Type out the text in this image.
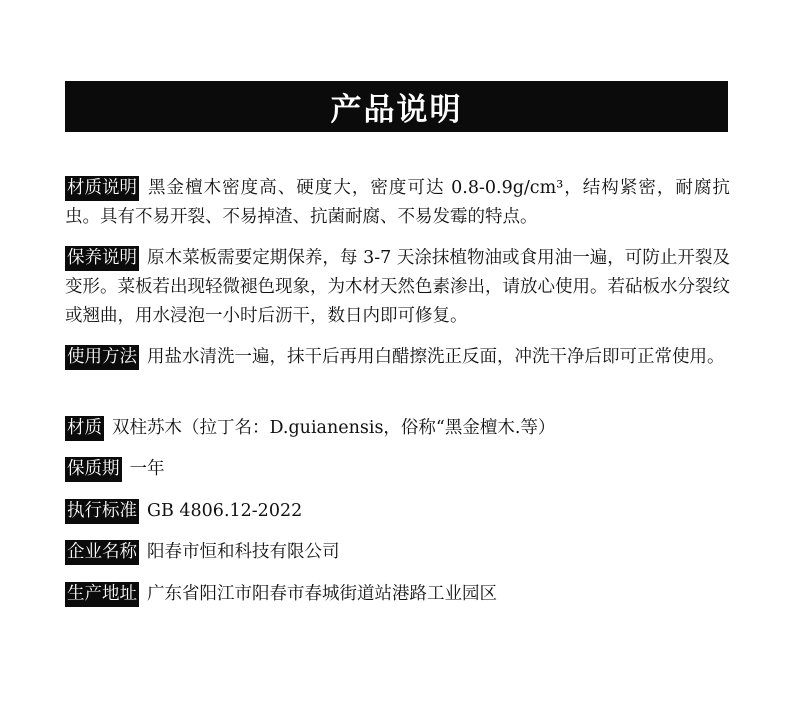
产品说明
材质说明 黑金檀木密度高、硬度大，密度可达 0.8-0.9g/cm³，结构紧密，耐腐抗虫。具有不易开裂、不易掉渣、抗菌耐腐、不易发霉的特点。
保养说明 原木菜板需要定期保养，每 3-7 天涂抹植物油或食用油一遍，可防止开裂及变形。菜板若出现轻微褪色现象，为木材天然色素渗出，请放心使用。若砧板水分裂纹或翘曲，用水浸泡一小时后沥干，数日内即可修复。
使用方法 用盐水清洗一遍，抹干后再用白醋擦洗正反面，冲洗干净后即可正常使用。
材质 双柱苏木（拉丁名：D.guianensis，俗称“黑金檀木.等）
保质期 一年
执行标准 GB 4806.12-2022
企业名称 阳春市恒和科技有限公司
生产地址 广东省阳江市阳春市春城街道站港路工业园区
